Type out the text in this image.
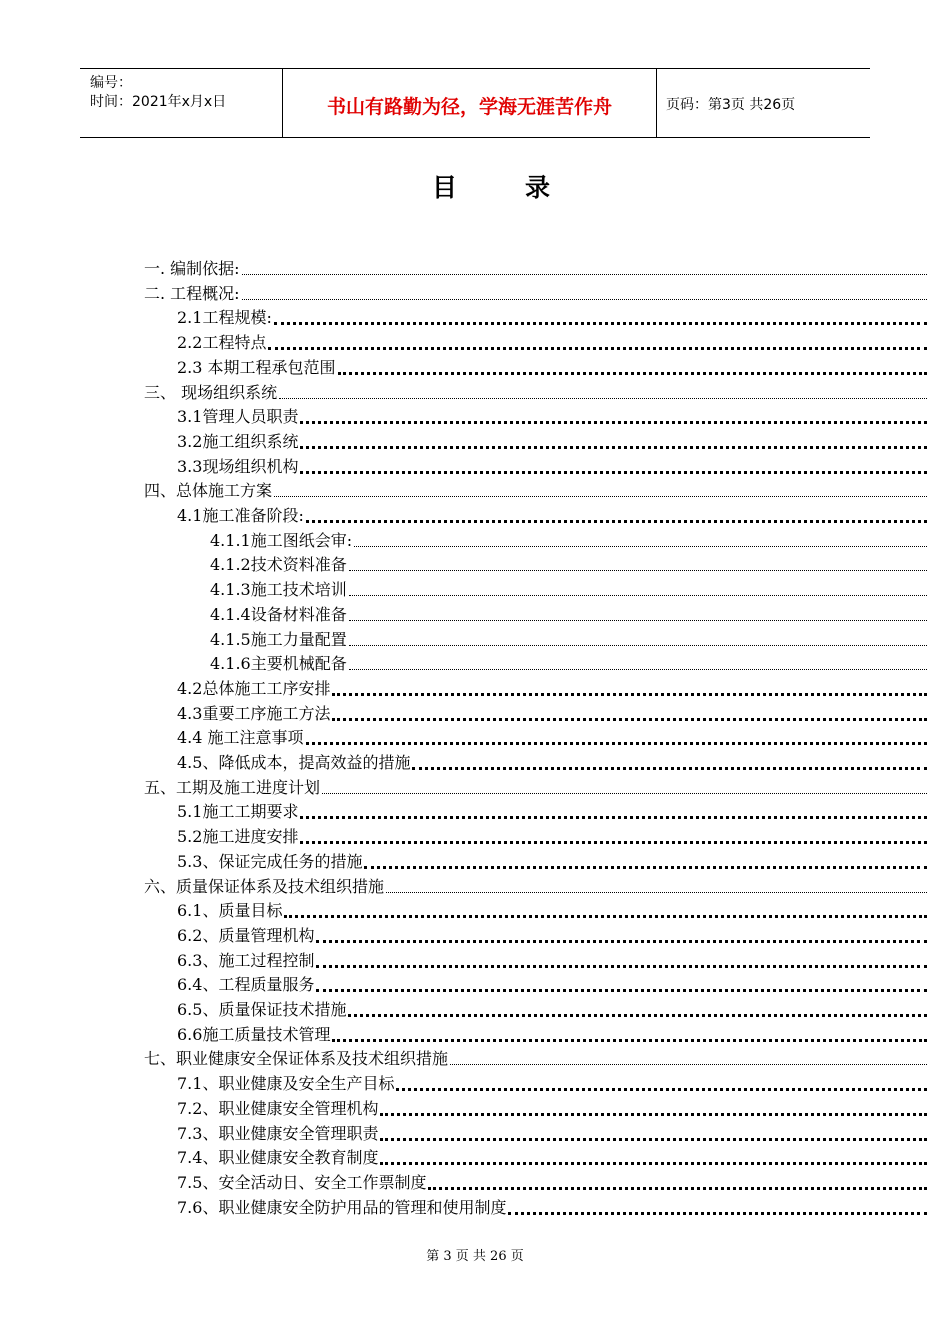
编号：
时间：2021年x月x日	书山有路勤为径，学海无涯苦作舟	页码：第3页 共26页
目录
一. 编制依据:
二. 工程概况:
2.1工程规模:
2.2工程特点
2.3 本期工程承包范围
三、 现场组织系统
3.1管理人员职责
3.2施工组织系统
3.3现场组织机构
四、总体施工方案
4.1施工准备阶段:
4.1.1施工图纸会审:
4.1.2技术资料准备
4.1.3施工技术培训
4.1.4设备材料准备
4.1.5施工力量配置
4.1.6主要机械配备
4.2总体施工工序安排
4.3重要工序施工方法
4.4 施工注意事项
4.5、降低成本，提高效益的措施
五、工期及施工进度计划
5.1施工工期要求
5.2施工进度安排
5.3、保证完成任务的措施
六、质量保证体系及技术组织措施
6.1、质量目标
6.2、质量管理机构
6.3、施工过程控制
6.4、工程质量服务
6.5、质量保证技术措施
6.6施工质量技术管理
七、职业健康安全保证体系及技术组织措施
7.1、职业健康及安全生产目标
7.2、职业健康安全管理机构
7.3、职业健康安全管理职责
7.4、职业健康安全教育制度
7.5、安全活动日、安全工作票制度
7.6、职业健康安全防护用品的管理和使用制度
第 3 页 共 26 页
